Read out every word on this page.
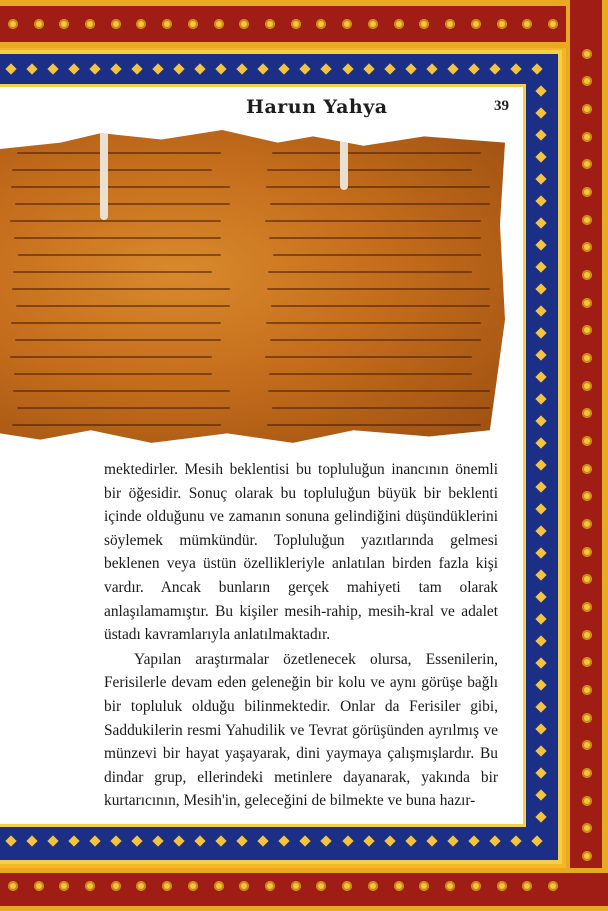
Harun Yahya	39

mektedirler. Mesih beklentisi bu topluluğun inancının önemli bir öğesidir. Sonuç olarak bu topluluğun büyük bir beklenti içinde olduğunu ve zamanın sonuna gelindiğini düşündüklerini söylemek mümkündür. Topluluğun yazıtlarında gelmesi beklenen veya üstün özellikleriyle anlatılan birden fazla kişi vardır. Ancak bunların gerçek mahiyeti tam olarak anlaşılamamıştır. Bu kişiler mesih-rahip, mesih-kral ve adalet üstadı kavramlarıyla anlatılmaktadır.

Yapılan araştırmalar özetlenecek olursa, Essenilerin, Ferisilerle devam eden geleneğin bir kolu ve aynı görüşe bağlı bir topluluk olduğu bilinmektedir. Onlar da Ferisiler gibi, Saddukilerin resmi Yahudilik ve Tevrat görüşünden ayrılmış ve münzevi bir hayat yaşayarak, dini yaymaya çalışmışlardır. Bu dindar grup, ellerindeki metinlere dayanarak, yakında bir kurtarıcının, Mesih'in, geleceğini de bilmekte ve buna hazır-
